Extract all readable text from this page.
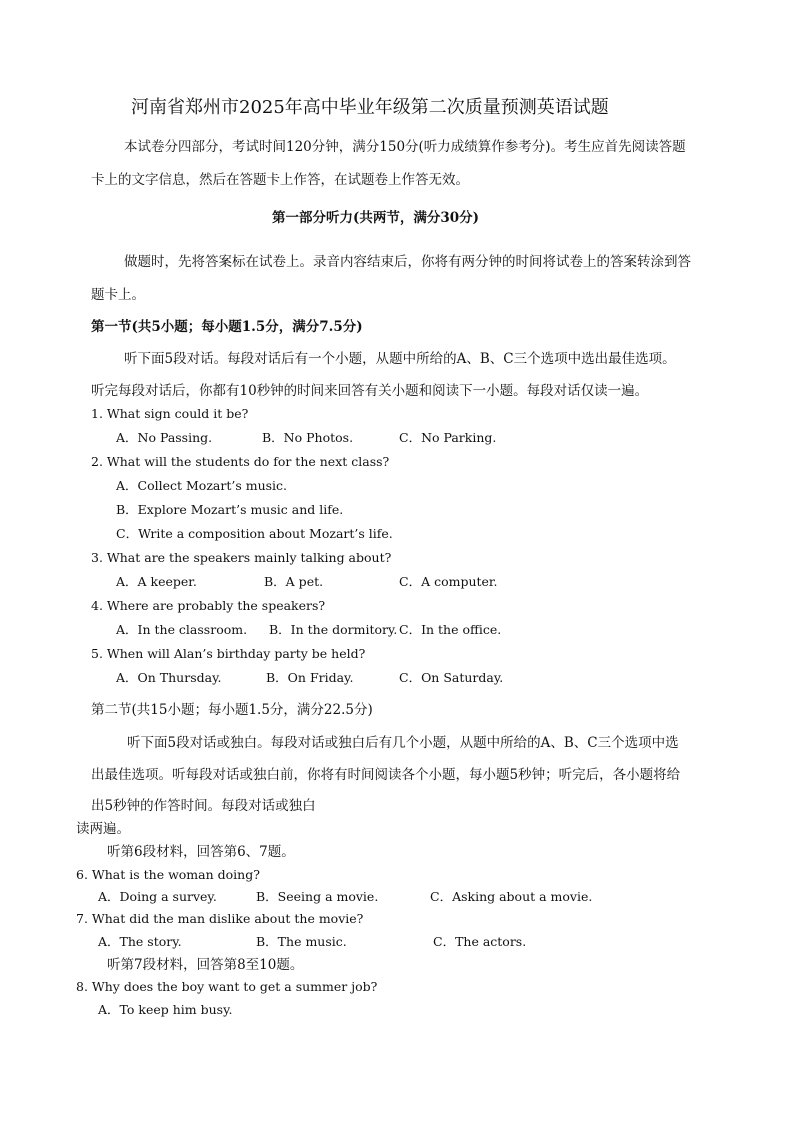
河南省郑州市2025年高中毕业年级第二次质量预测英语试题
本试卷分四部分，考试时间120分钟，满分150分(听力成绩算作参考分)。考生应首先阅读答题
卡上的文字信息，然后在答题卡上作答，在试题卷上作答无效。
第一部分听力(共两节，满分30分)
做题时，先将答案标在试卷上。录音内容结束后，你将有两分钟的时间将试卷上的答案转涂到答
题卡上。
第一节(共5小题；每小题1.5分，满分7.5分)
听下面5段对话。每段对话后有一个小题，从题中所给的A、B、C三个选项中选出最佳选项。
听完每段对话后，你都有10秒钟的时间来回答有关小题和阅读下一小题。每段对话仅读一遍。
1. What sign could it be?
A．No Passing.	B．No Photos.	C．No Parking.
2. What will the students do for the next class?
A．Collect Mozart’s music.
B．Explore Mozart’s music and life.
C．Write a composition about Mozart’s life.
3. What are the speakers mainly talking about?
A．A keeper.	B．A pet.	C．A computer.
4. Where are probably the speakers?
A．In the classroom. B．In the dormitory. C．In the office.
5. When will Alan’s birthday party be held?
A．On Thursday.	B．On Friday.	C．On Saturday.
第二节(共15小题；每小题1.5分，满分22.5分)
听下面5段对话或独白。每段对话或独白后有几个小题，从题中所给的A、B、C三个选项中选
出最佳选项。听每段对话或独白前，你将有时间阅读各个小题，每小题5秒钟；听完后，各小题将给
出5秒钟的作答时间。每段对话或独白
读两遍。
听第6段材料，回答第6、7题。
6. What is the woman doing?
A．Doing a survey.	B．Seeing a movie.	C．Asking about a movie.
7. What did the man dislike about the movie?
A．The story.	B．The music.	C．The actors.
听第7段材料，回答第8至10题。
8. Why does the boy want to get a summer job?
A．To keep him busy.
